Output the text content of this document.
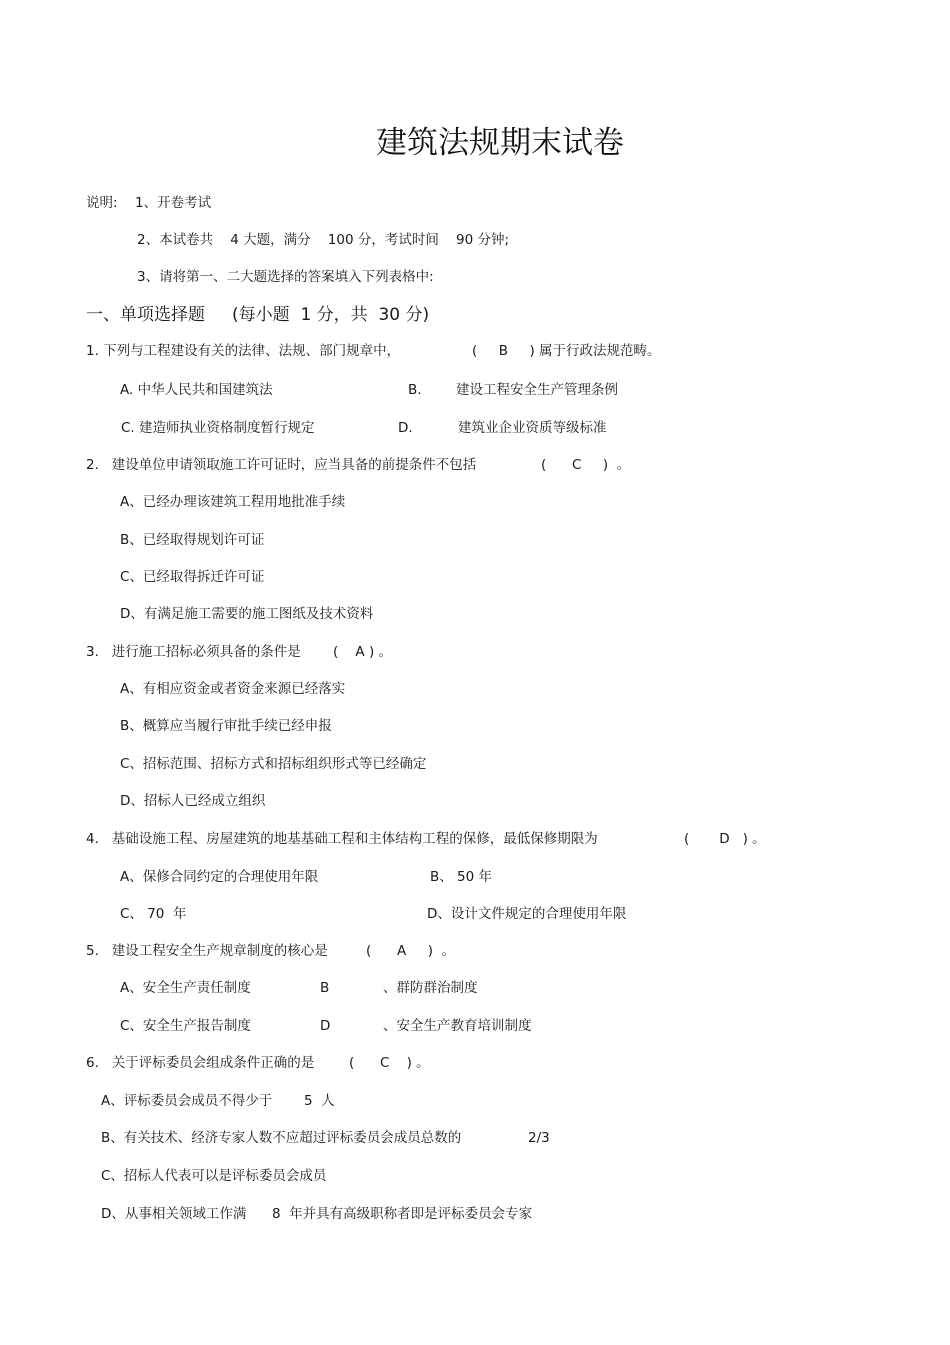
建筑法规期末试卷
说明: 1、开卷考试
2、本试卷共    4 大题，满分    100 分，考试时间    90 分钟;
3、请将第一、二大题选择的答案填入下列表格中:
一、单项选择题     (每小题  1 分，共  30 分)
1. 下列与工程建设有关的法律、法规、部门规章中，	(     B     ) 属于行政法规范畴。
A. 中华人民共和国建筑法	B.	建设工程安全生产管理条例
C. 建造师执业资格制度暂行规定	D.	建筑业企业资质等级标准
2.   建设单位申请领取施工许可证时，应当具备的前提条件不包括	(      C     )  。
A、已经办理该建筑工程用地批准手续
B、已经取得规划许可证
C、已经取得拆迁许可证
D、有满足施工需要的施工图纸及技术资料
3.   进行施工招标必须具备的条件是 (    A ) 。
A、有相应资金或者资金来源已经落实
B、概算应当履行审批手续已经申报
C、招标范围、招标方式和招标组织形式等已经确定
D、招标人已经成立组织
4.   基础设施工程、房屋建筑的地基基础工程和主体结构工程的保修，最低保修期限为	(       D   ) 。
A、保修合同约定的合理使用年限	B、 50 年
C、 70  年	D、设计文件规定的合理使用年限
5.   建设工程安全生产规章制度的核心是	(      A     )  。
A、安全生产责任制度	B	、群防群治制度
C、安全生产报告制度	D	、安全生产教育培训制度
6.   关于评标委员会组成条件正确的是	(      C    ) 。
A、评标委员会成员不得少于 5  人
B、有关技术、经济专家人数不应超过评标委员会成员总数的	2/3
C、招标人代表可以是评标委员会成员
D、从事相关领域工作满 8  年并具有高级职称者即是评标委员会专家
